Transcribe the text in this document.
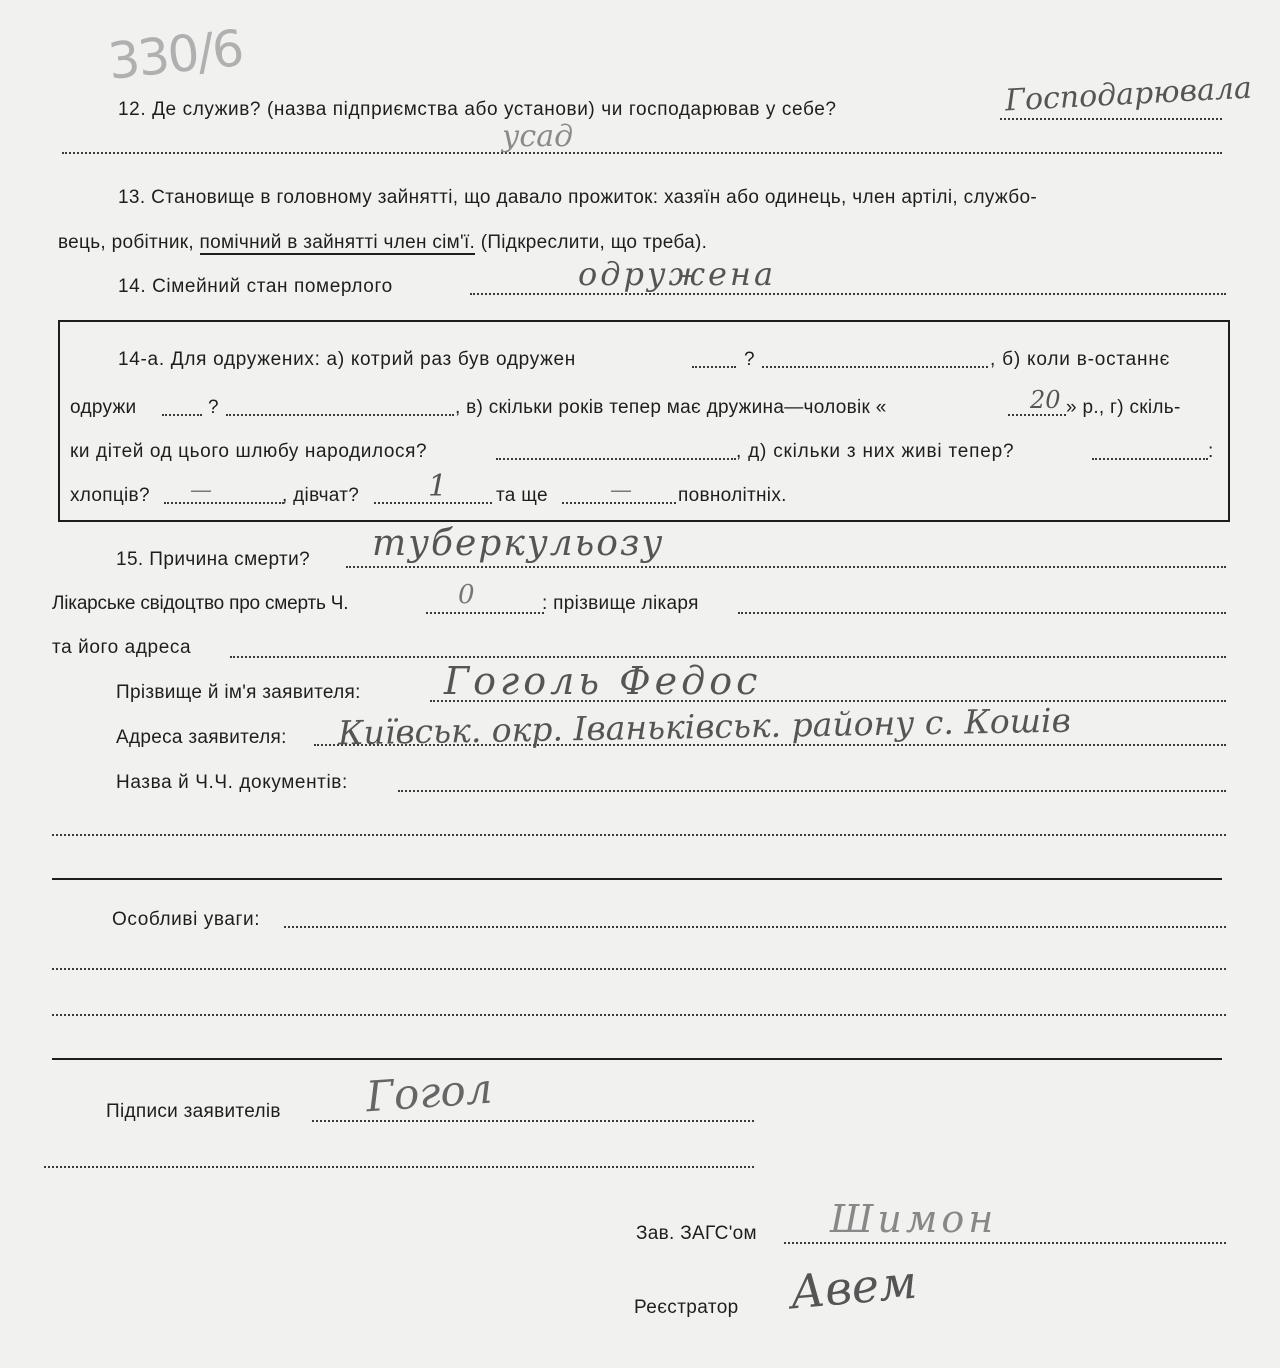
330/6
12. Де служив? (назва підприємства або установи) чи господарював у себе?	Господарювала
усад
13. Становище в головному зайнятті, що давало прожиток: хазяїн або одинець, член артілі, службо-
вець, робітник, помічний в зайнятті член сім'ї. (Підкреслити, що треба).
14. Сімейний стан померлого	одружена
14-а. Для одружених: а) котрий раз був одружен	?	, б) коли в-останнє
одружи	?	, в) скільки років тепер має дружина—чоловік «	20 » р., г) скіль-
ки дітей од цього шлюбу народилося?	, д) скільки з них живі тепер?	:
хлопців? —	, дівчат? 1	та ще	— повнолітніх.
15. Причина смерти? туберкульозу
Лікарське свідоцтво про смерть Ч.	0	: прізвище лікаря
та його адреса
Прізвище й ім'я заявителя: Гоголь Федос
Адреса заявителя: Київськ. окр. Іваньківськ. району с. Кошів
Назва й Ч.Ч. документів:
Особливі уваги:
Підписи заявителів Гогол
Зав. ЗАГС'ом Шимон
Реєстратор Авем
